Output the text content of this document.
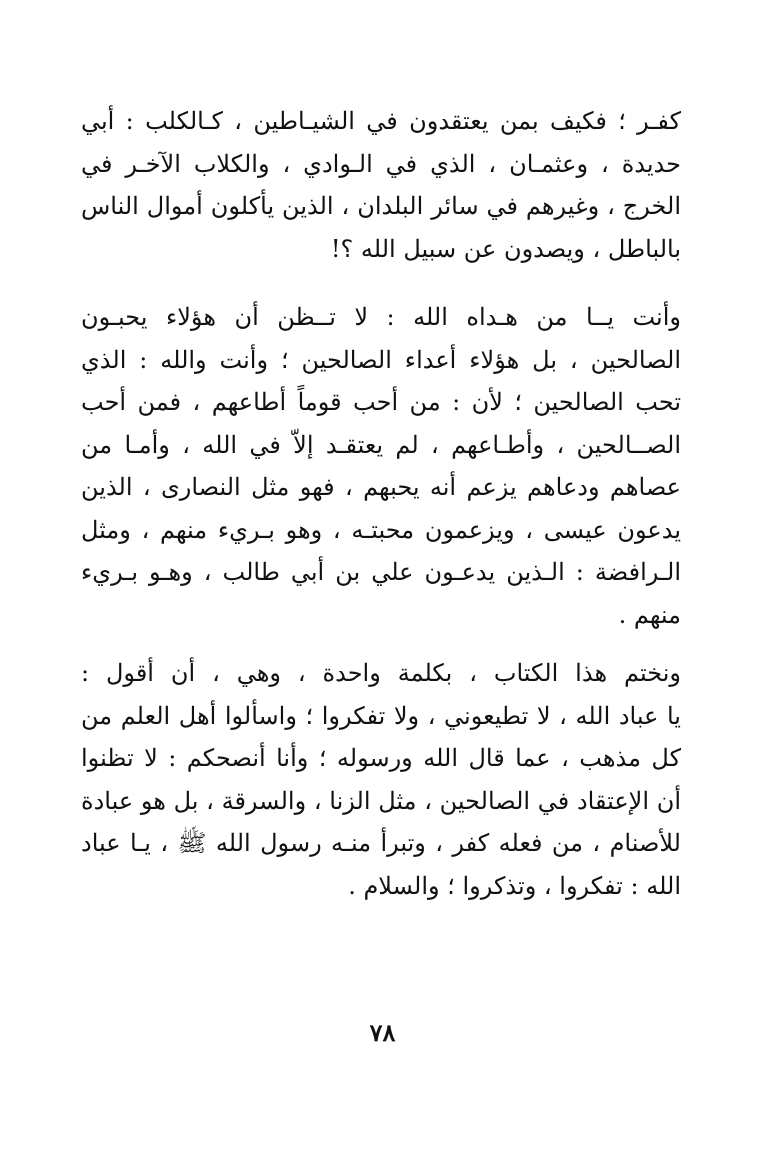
كفـر ؛ فكيف بمن يعتقدون في الشيـاطين ، كـالكلب : أبي
حديدة ، وعثمـان ، الذي في الـوادي ، والكلاب الآخـر في
الخرج ، وغيرهم في سائر البلدان ، الذين يأكلون أموال الناس
بالباطل ، ويصدون عن سبيل الله ؟!
وأنت يــا من هـداه الله : لا تــظن أن هؤلاء يحبـون
الصالحين ، بل هؤلاء أعداء الصالحين ؛ وأنت والله : الذي
تحب الصالحين ؛ لأن : من أحب قوماً أطاعهم ، فمن أحب
الصــالحين ، وأطـاعهم ، لم يعتقـد إلاّ في الله ، وأمـا من
عصاهم ودعاهم يزعم أنه يحبهم ، فهو مثل النصارى ، الذين
يدعون عيسى ، ويزعمون محبتـه ، وهو بـريء منهم ، ومثل
الـرافضة : الـذين يدعـون علي بن أبي طالب ، وهـو بـريء
منهم .
ونختم هذا الكتاب ، بكلمة واحدة ، وهي ، أن أقول :
يا عباد الله ، لا تطيعوني ، ولا تفكروا ؛ واسألوا أهل العلم من
كل مذهب ، عما قال الله ورسوله ؛ وأنا أنصحكم : لا تظنوا
أن الإعتقاد في الصالحين ، مثل الزنا ، والسرقة ، بل هو عبادة
للأصنام ، من فعله كفر ، وتبرأ منـه رسول الله ﷺ ، يـا عباد
الله : تفكروا ، وتذكروا ؛ والسلام .
٧٨
